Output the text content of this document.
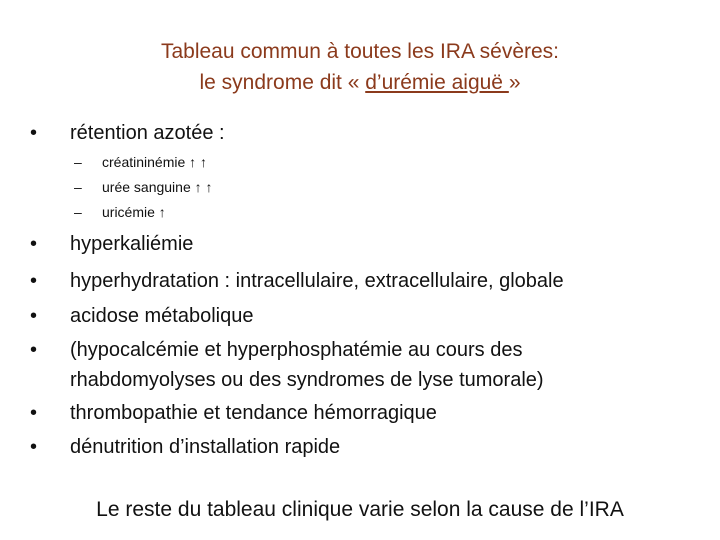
Tableau commun à toutes les IRA sévères:
le syndrome dit « d’urémie aiguë »
•	rétention azotée :
– créatininémie ↑ ↑
– urée sanguine ↑ ↑
– uricémie ↑
•	hyperkaliémie
•	hyperhydratation : intracellulaire, extracellulaire, globale
•	acidose métabolique
•	(hypocalcémie et hyperphosphatémie au cours des
rhabdomyolyses ou des syndromes de lyse tumorale)
•	thrombopathie et tendance hémorragique
•	dénutrition d’installation rapide
Le reste du tableau clinique varie selon la cause de l’IRA
